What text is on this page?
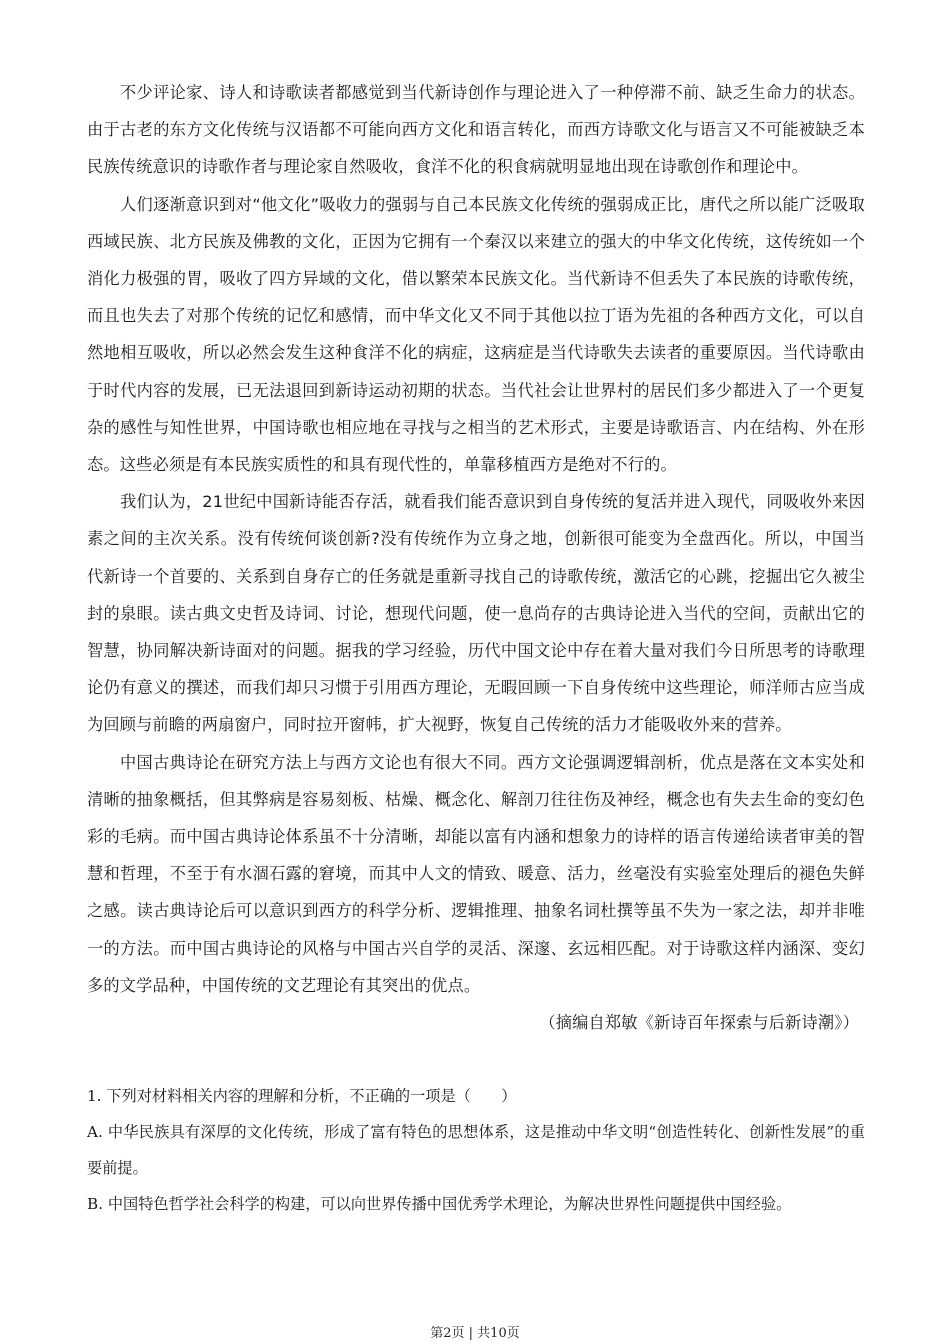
不少评论家、诗人和诗歌读者都感觉到当代新诗创作与理论进入了一种停滞不前、缺乏生命力的状态。由于古老的东方文化传统与汉语都不可能向西方文化和语言转化，而西方诗歌文化与语言又不可能被缺乏本民族传统意识的诗歌作者与理论家自然吸收，食洋不化的积食病就明显地出现在诗歌创作和理论中。

人们逐渐意识到对“他文化”吸收力的强弱与自己本民族文化传统的强弱成正比，唐代之所以能广泛吸取西域民族、北方民族及佛教的文化，正因为它拥有一个秦汉以来建立的强大的中华文化传统，这传统如一个消化力极强的胃，吸收了四方异域的文化，借以繁荣本民族文化。当代新诗不但丢失了本民族的诗歌传统，而且也失去了对那个传统的记忆和感情，而中华文化又不同于其他以拉丁语为先祖的各种西方文化，可以自然地相互吸收，所以必然会发生这种食洋不化的病症，这病症是当代诗歌失去读者的重要原因。当代诗歌由于时代内容的发展，已无法退回到新诗运动初期的状态。当代社会让世界村的居民们多少都进入了一个更复杂的感性与知性世界，中国诗歌也相应地在寻找与之相当的艺术形式，主要是诗歌语言、内在结构、外在形态。这些必须是有本民族实质性的和具有现代性的，单靠移植西方是绝对不行的。

我们认为，21世纪中国新诗能否存活，就看我们能否意识到自身传统的复活并进入现代，同吸收外来因素之间的主次关系。没有传统何谈创新?没有传统作为立身之地，创新很可能变为全盘西化。所以，中国当代新诗一个首要的、关系到自身存亡的任务就是重新寻找自己的诗歌传统，激活它的心跳，挖掘出它久被尘封的泉眼。读古典文史哲及诗词、讨论，想现代问题，使一息尚存的古典诗论进入当代的空间，贡献出它的智慧，协同解决新诗面对的问题。据我的学习经验，历代中国文论中存在着大量对我们今日所思考的诗歌理论仍有意义的撰述，而我们却只习惯于引用西方理论，无暇回顾一下自身传统中这些理论，师洋师古应当成为回顾与前瞻的两扇窗户，同时拉开窗帏，扩大视野，恢复自己传统的活力才能吸收外来的营养。

中国古典诗论在研究方法上与西方文论也有很大不同。西方文论强调逻辑剖析，优点是落在文本实处和清晰的抽象概括，但其弊病是容易刻板、枯燥、概念化、解剖刀往往伤及神经，概念也有失去生命的变幻色彩的毛病。而中国古典诗论体系虽不十分清晰，却能以富有内涵和想象力的诗样的语言传递给读者审美的智慧和哲理，不至于有水涸石露的窘境，而其中人文的情致、暖意、活力，丝毫没有实验室处理后的褪色失鲜之感。读古典诗论后可以意识到西方的科学分析、逻辑推理、抽象名词杜撰等虽不失为一家之法，却并非唯一的方法。而中国古典诗论的风格与中国古兴自学的灵活、深邃、玄远相匹配。对于诗歌这样内涵深、变幻多的文学品种，中国传统的文艺理论有其突出的优点。

（摘编自郑敏《新诗百年探索与后新诗潮》）

1. 下列对材料相关内容的理解和分析，不正确的一项是（　　）

A. 中华民族具有深厚的文化传统，形成了富有特色的思想体系，这是推动中华文明“创造性转化、创新性发展”的重要前提。

B. 中国特色哲学社会科学的构建，可以向世界传播中国优秀学术理论，为解决世界性问题提供中国经验。

第2页 | 共10页
